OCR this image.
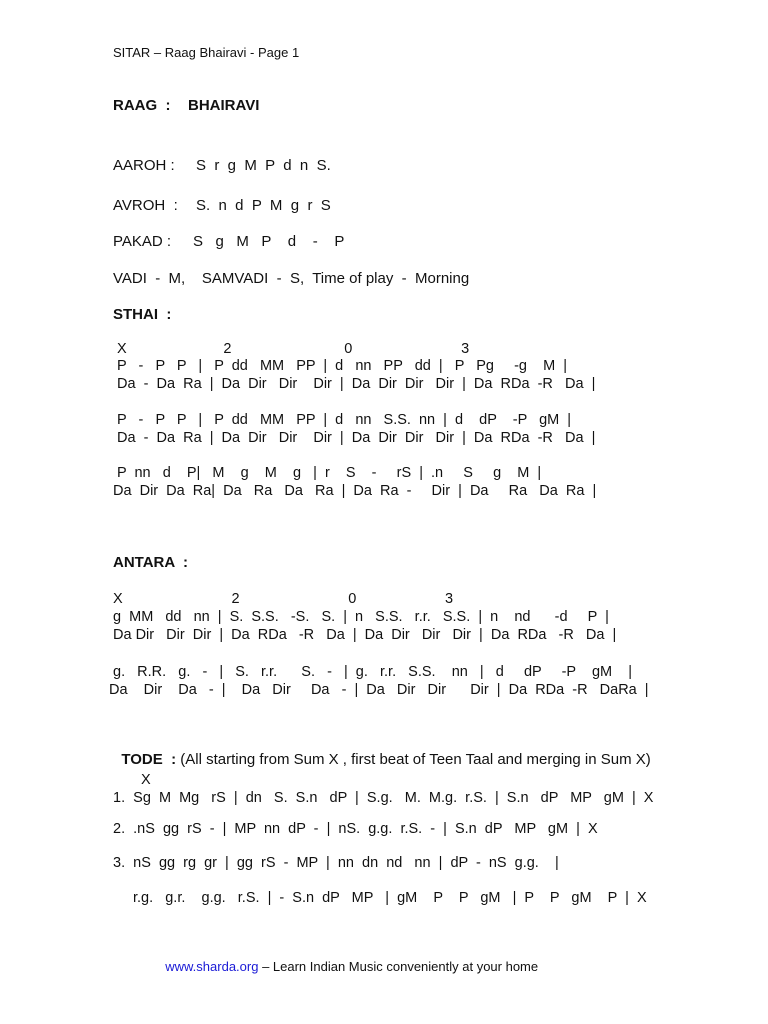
SITAR – Raag Bhairavi - Page 1
RAAG  : BHAIRAVI
AAROH : S  r  g  M  P  d  n  S.
AVROH  : S.  n  d  P  M  g  r  S
PAKAD : S   g   M   P    d    -    P
VADI  -  M,    SAMVADI  -  S,  Time of play  -  Morning
STHAI  :
X                        2                            0                           3
P   -   P   P   |   P  dd   MM   PP  |  d   nn   PP   dd  |   P   Pg     -g    M  |
Da  -  Da  Ra  |  Da  Dir   Dir    Dir  |  Da  Dir  Dir   Dir  |  Da  RDa  -R   Da  |
P   -   P   P   |   P  dd   MM   PP  |  d   nn   S.S.  nn  |  d    dP    -P   gM  |
Da  -  Da  Ra  |  Da  Dir   Dir    Dir  |  Da  Dir  Dir   Dir  |  Da  RDa  -R   Da  |
P  nn   d    P|   M    g    M    g   |  r    S    -     rS  |  .n     S     g    M  |
Da  Dir  Da  Ra|  Da   Ra   Da   Ra  |  Da  Ra  -     Dir  |  Da     Ra   Da  Ra  |
ANTARA  :
X                           2                           0                      3
g  MM   dd   nn  |  S.  S.S.   -S.   S.  |  n   S.S.   r.r.   S.S.  |  n    nd      -d     P  |
Da Dir   Dir  Dir  |  Da  RDa   -R   Da  |  Da  Dir   Dir   Dir  |  Da  RDa   -R   Da  |
g.   R.R.   g.   -   |   S.   r.r.      S.   -   |  g.   r.r.   S.S.    nn   |   d     dP     -P    gM    |
Da    Dir    Da   -  |    Da   Dir     Da   -  |  Da   Dir   Dir      Dir  |  Da  RDa  -R   DaRa  |

TODE  : (All starting from Sum X , first beat of Teen Taal and merging in Sum X)

X
1.  Sg  M  Mg   rS  |  dn   S.  S.n   dP  |  S.g.   M.  M.g.  r.S.  |  S.n   dP   MP   gM  |  X
2.  .nS  gg  rS  -  |  MP  nn  dP  -  |  nS.  g.g.  r.S.  -  |  S.n  dP   MP   gM  |  X
3.  nS  gg  rg  gr  |  gg  rS  -  MP  |  nn  dn  nd   nn  |  dP  -  nS  g.g.    |
r.g.   g.r.    g.g.   r.S.  |  -  S.n  dP   MP   |  gM    P    P   gM   |  P    P   gM    P  |  X

www.sharda.org – Learn Indian Music conveniently at your home
